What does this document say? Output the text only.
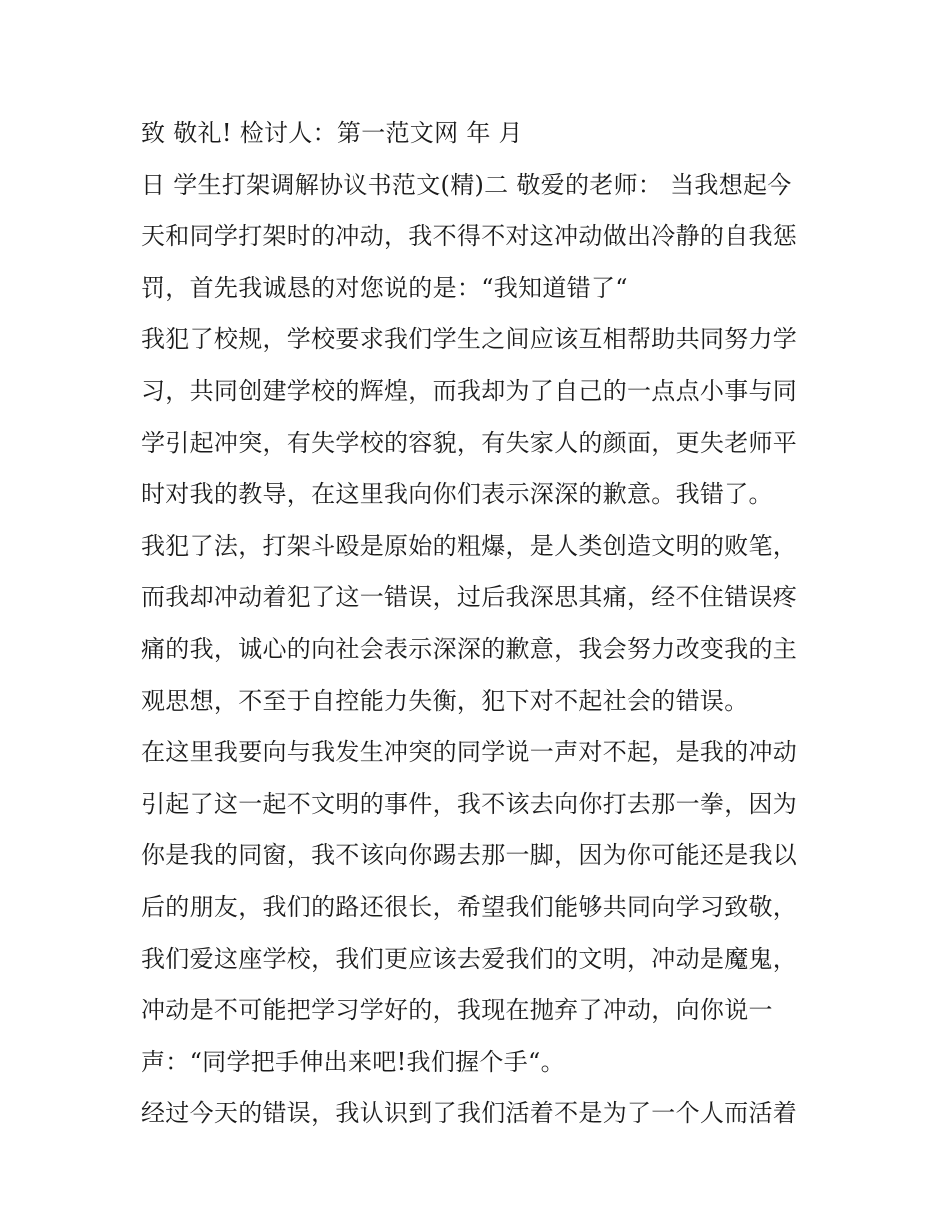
致 敬礼! 检讨人：第一范文网 年 月
日 学生打架调解协议书范文(精)二 敬爱的老师： 当我想起今
天和同学打架时的冲动，我不得不对这冲动做出冷静的自我惩
罚，首先我诚恳的对您说的是：“我知道错了“
我犯了校规，学校要求我们学生之间应该互相帮助共同努力学
习，共同创建学校的辉煌，而我却为了自己的一点点小事与同
学引起冲突，有失学校的容貌，有失家人的颜面，更失老师平
时对我的教导，在这里我向你们表示深深的歉意。我错了。
我犯了法，打架斗殴是原始的粗爆，是人类创造文明的败笔，
而我却冲动着犯了这一错误，过后我深思其痛，经不住错误疼
痛的我，诚心的向社会表示深深的歉意，我会努力改变我的主
观思想，不至于自控能力失衡，犯下对不起社会的错误。
在这里我要向与我发生冲突的同学说一声对不起，是我的冲动
引起了这一起不文明的事件，我不该去向你打去那一拳，因为
你是我的同窗，我不该向你踢去那一脚，因为你可能还是我以
后的朋友，我们的路还很长，希望我们能够共同向学习致敬，
我们爱这座学校，我们更应该去爱我们的文明，冲动是魔鬼，
冲动是不可能把学习学好的，我现在抛弃了冲动，向你说一
声：“同学把手伸出来吧!我们握个手“。
经过今天的错误，我认识到了我们活着不是为了一个人而活着
